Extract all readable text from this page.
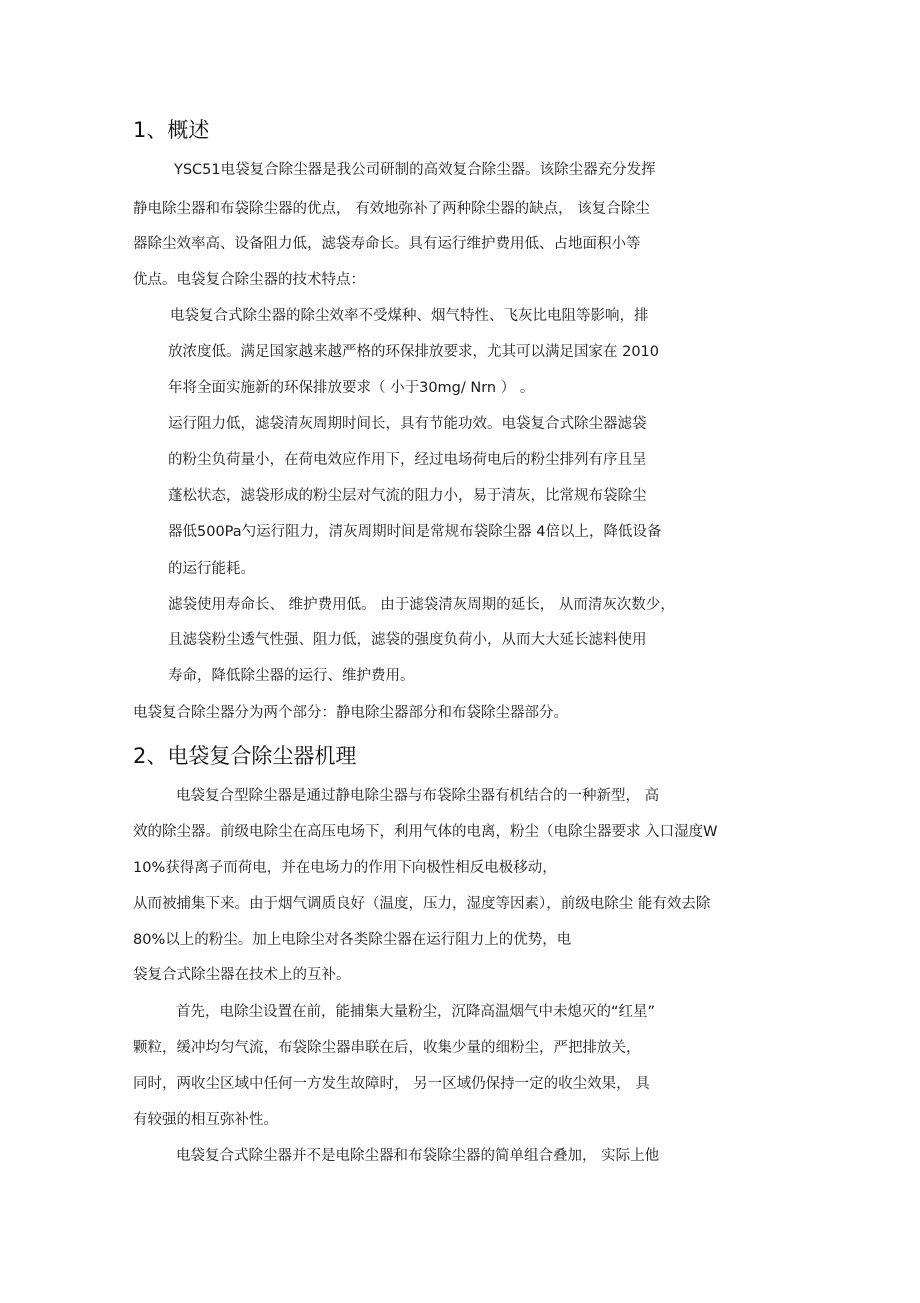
1、概述
YSC51电袋复合除尘器是我公司研制的高效复合除尘器。该除尘器充分发挥
静电除尘器和布袋除尘器的优点， 有效地弥补了两种除尘器的缺点， 该复合除尘
器除尘效率高、设备阻力低，滤袋寿命长。具有运行维护费用低、占地面积小等
优点。电袋复合除尘器的技术特点：
电袋复合式除尘器的除尘效率不受煤种、烟气特性、飞灰比电阻等影响，排
放浓度低。满足国家越来越严格的环保排放要求，尤其可以满足国家在 2010
年将全面实施新的环保排放要求（ 小于30mg/ Nrn ） 。
运行阻力低，滤袋清灰周期时间长，具有节能功效。电袋复合式除尘器滤袋
的粉尘负荷量小，在荷电效应作用下，经过电场荷电后的粉尘排列有序且呈
蓬松状态，滤袋形成的粉尘层对气流的阻力小，易于清灰，比常规布袋除尘
器低500Pa勺运行阻力，清灰周期时间是常规布袋除尘器 4倍以上，降低设备
的运行能耗。
滤袋使用寿命长、 维护费用低。 由于滤袋清灰周期的延长， 从而清灰次数少，
且滤袋粉尘透气性强、阻力低，滤袋的强度负荷小，从而大大延长滤料使用
寿命，降低除尘器的运行、维护费用。
电袋复合除尘器分为两个部分：静电除尘器部分和布袋除尘器部分。
2、电袋复合除尘器机理
电袋复合型除尘器是通过静电除尘器与布袋除尘器有机结合的一种新型， 高
效的除尘器。前级电除尘在高压电场下，利用气体的电离，粉尘（电除尘器要求 入口湿度W
10%获得离子而荷电，并在电场力的作用下向极性相反电极移动，
从而被捕集下来。由于烟气调质良好（温度，压力，湿度等因素），前级电除尘 能有效去除
80%以上的粉尘。加上电除尘对各类除尘器在运行阻力上的优势，电
袋复合式除尘器在技术上的互补。
首先，电除尘设置在前，能捕集大量粉尘，沉降高温烟气中未熄灭的“红星”
颗粒，缓冲均匀气流，布袋除尘器串联在后，收集少量的细粉尘，严把排放关，
同时，两收尘区域中任何一方发生故障时， 另一区域仍保持一定的收尘效果， 具
有较强的相互弥补性。
电袋复合式除尘器并不是电除尘器和布袋除尘器的简单组合叠加， 实际上他
